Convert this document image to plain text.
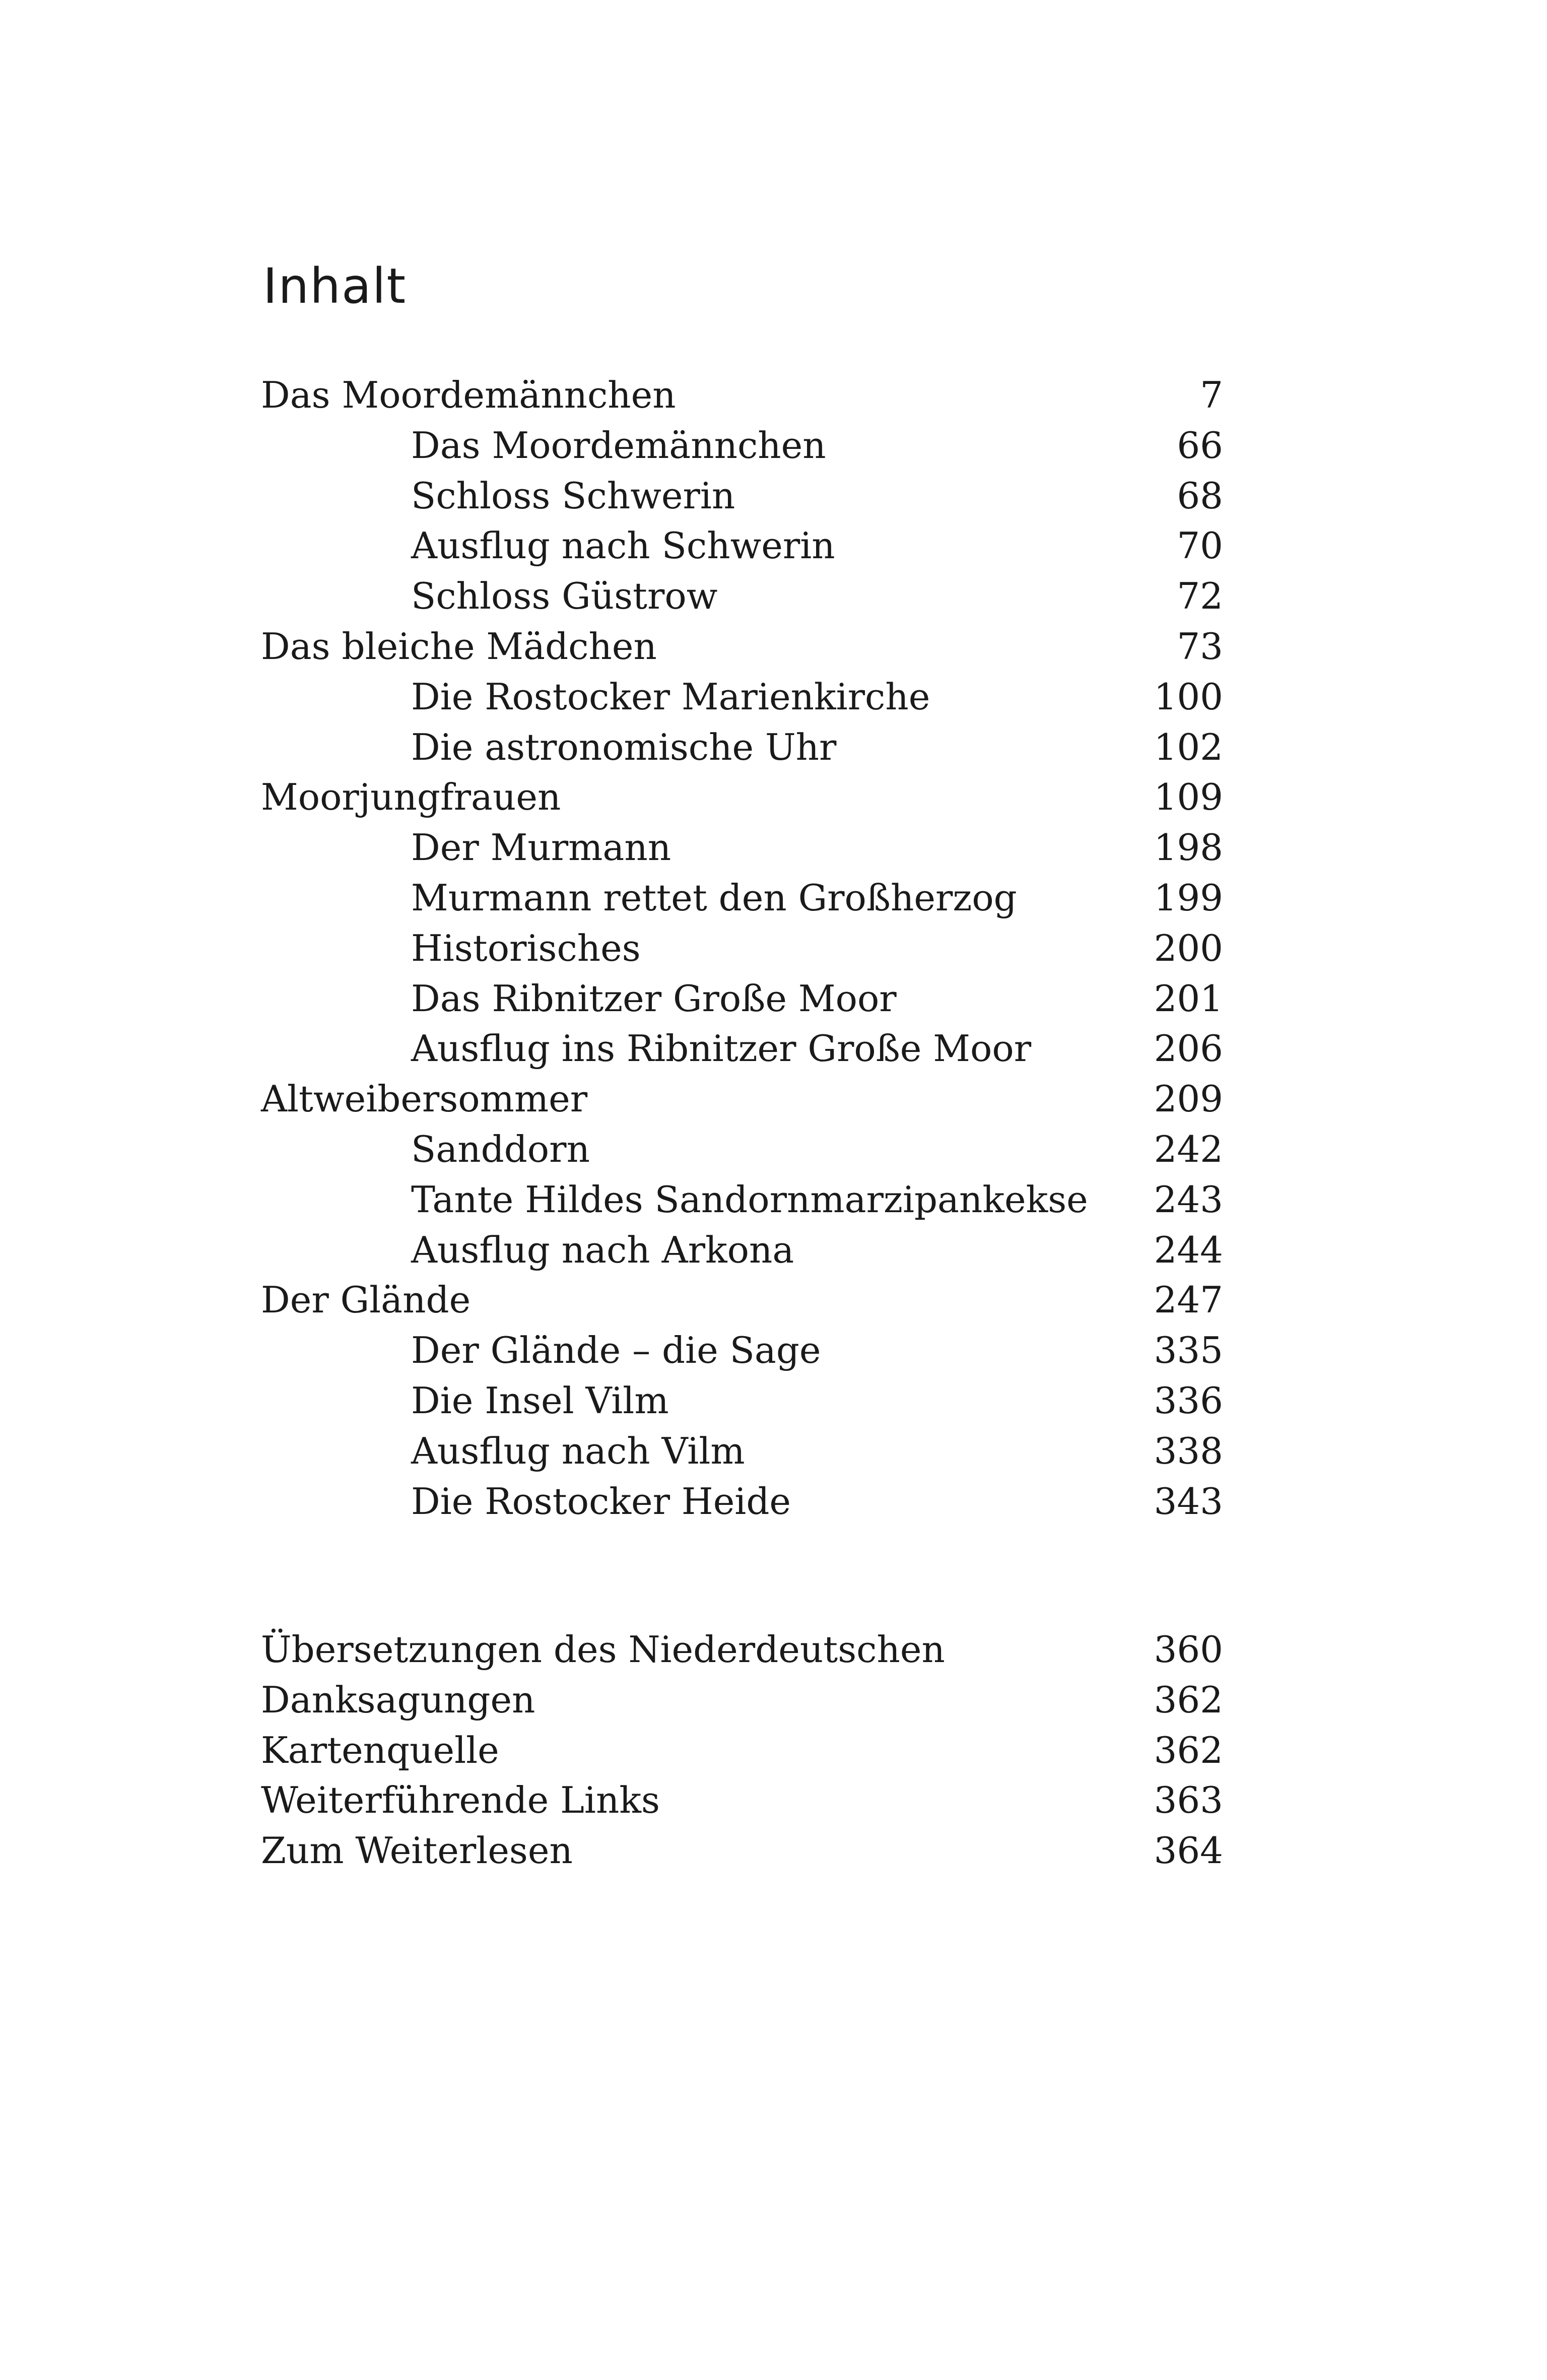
Inhalt
Das Moordemännchen	7
Das Moordemännchen	66
Schloss Schwerin	68
Ausflug nach Schwerin	70
Schloss Güstrow	72
Das bleiche Mädchen	73
Die Rostocker Marienkirche	100
Die astronomische Uhr	102
Moorjungfrauen	109
Der Murmann	198
Murmann rettet den Großherzog	199
Historisches	200
Das Ribnitzer Große Moor	201
Ausflug ins Ribnitzer Große Moor	206
Altweibersommer	209
Sanddorn	242
Tante Hildes Sandornmarzipankekse 243
Ausflug nach Arkona	244
Der Glände	247
Der Glände – die Sage	335
Die Insel Vilm	336
Ausflug nach Vilm	338
Die Rostocker Heide	343
Übersetzungen des Niederdeutschen	360
Danksagungen	362
Kartenquelle	362
Weiterführende Links	363
Zum Weiterlesen	364
